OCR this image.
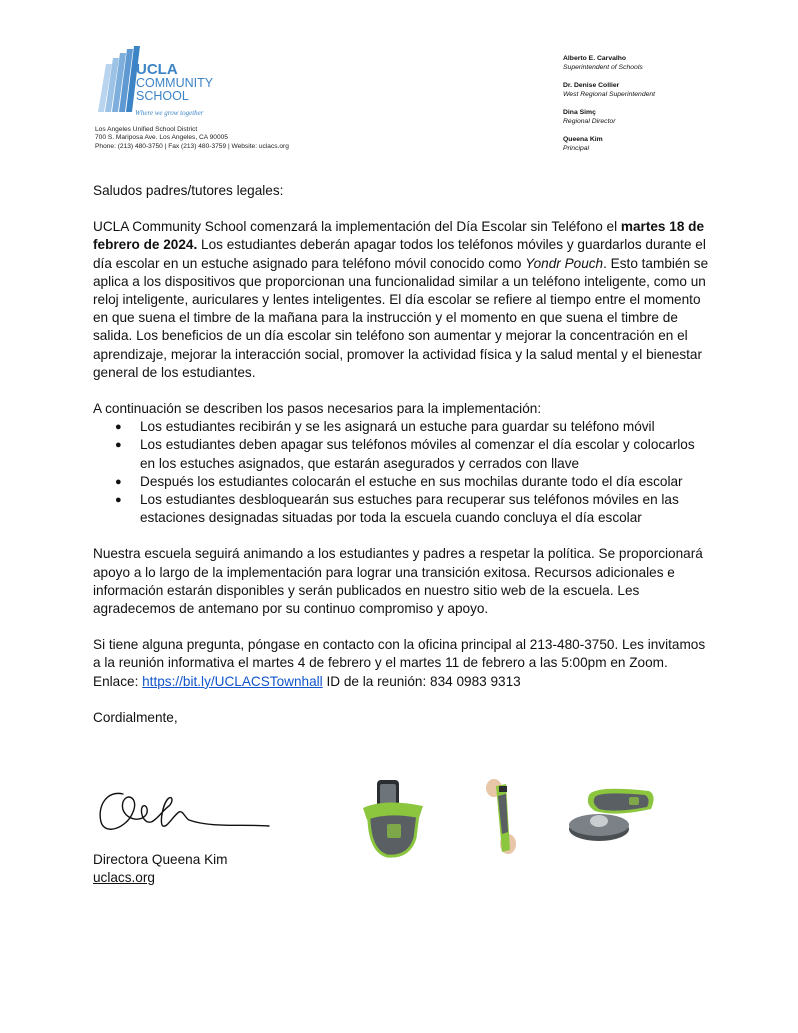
UCLA
COMMUNITY
SCHOOL
Where we grow together
Los Angeles Unified School District
700 S. Mariposa Ave. Los Angeles, CA 90005
Phone: (213) 480-3750 | Fax (213) 480-3759 | Website: uclacs.org
Alberto E. Carvalho
Superintendent of Schools
Dr. Denise Collier
West Regional Superintendent
Dina Simç
Regional Director
Queena Kim
Principal

Saludos padres/tutores legales:

UCLA Community School comenzará la implementación del Día Escolar sin Teléfono el martes 18 de febrero de 2024. Los estudiantes deberán apagar todos los teléfonos móviles y guardarlos durante el día escolar en un estuche asignado para teléfono móvil conocido como Yondr Pouch. Esto también se aplica a los dispositivos que proporcionan una funcionalidad similar a un teléfono inteligente, como un reloj inteligente, auriculares y lentes inteligentes. El día escolar se refiere al tiempo entre el momento en que suena el timbre de la mañana para la instrucción y el momento en que suena el timbre de salida. Los beneficios de un día escolar sin teléfono son aumentar y mejorar la concentración en el aprendizaje, mejorar la interacción social, promover la actividad física y la salud mental y el bienestar general de los estudiantes.

A continuación se describen los pasos necesarios para la implementación:
● Los estudiantes recibirán y se les asignará un estuche para guardar su teléfono móvil
● Los estudiantes deben apagar sus teléfonos móviles al comenzar el día escolar y colocarlos en los estuches asignados, que estarán asegurados y cerrados con llave
● Después los estudiantes colocarán el estuche en sus mochilas durante todo el día escolar
● Los estudiantes desbloquearán sus estuches para recuperar sus teléfonos móviles en las estaciones designadas situadas por toda la escuela cuando concluya el día escolar

Nuestra escuela seguirá animando a los estudiantes y padres a respetar la política. Se proporcionará apoyo a lo largo de la implementación para lograr una transición exitosa. Recursos adicionales e información estarán disponibles y serán publicados en nuestro sitio web de la escuela. Les agradecemos de antemano por su continuo compromiso y apoyo.

Si tiene alguna pregunta, póngase en contacto con la oficina principal al 213-480-3750. Les invitamos a la reunión informativa el martes 4 de febrero y el martes 11 de febrero a las 5:00pm en Zoom. Enlace: https://bit.ly/UCLACSTownhall ID de la reunión: 834 0983 9313

Cordialmente,

Directora Queena Kim
uclacs.org
